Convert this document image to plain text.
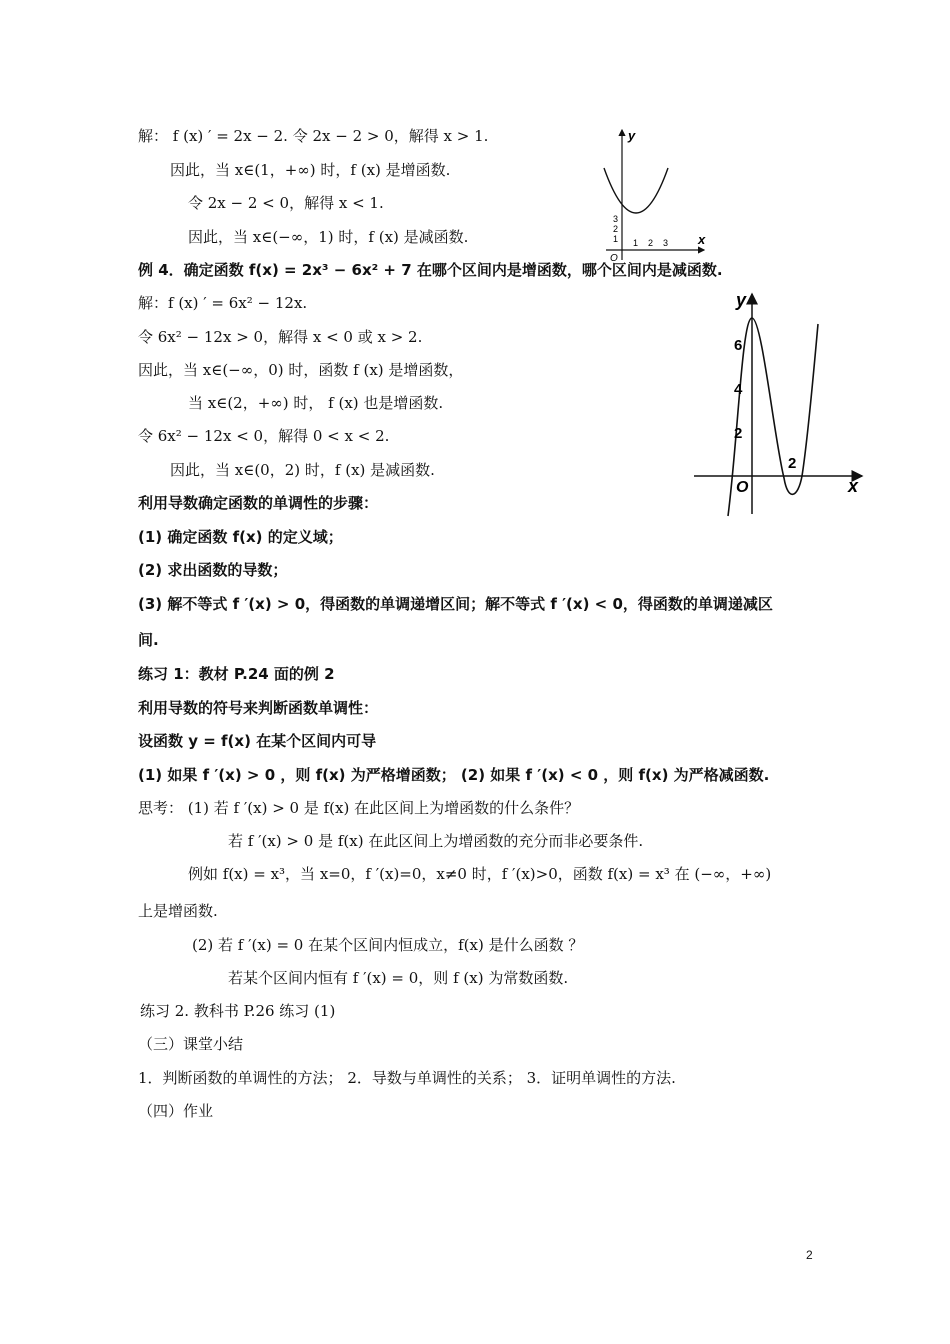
解： f (x) ′ = 2x − 2. 令 2x − 2 > 0，解得 x > 1.
因此，当 x∈(1，+∞) 时，f (x) 是增函数.
令 2x − 2 < 0，解得 x < 1.
因此，当 x∈(−∞，1) 时，f (x) 是减函数.
例 4．确定函数 f(x) = 2x³ − 6x² + 7 在哪个区间内是增函数，哪个区间内是减函数.
解：f (x) ′ = 6x² − 12x.
令 6x² − 12x > 0，解得 x < 0 或 x > 2.
因此，当 x∈(−∞，0) 时，函数 f (x) 是增函数，
当 x∈(2，+∞) 时， f (x) 也是增函数.
令 6x² − 12x < 0，解得 0 < x < 2.
因此，当 x∈(0，2) 时，f (x) 是减函数.
利用导数确定函数的单调性的步骤：
(1) 确定函数 f(x) 的定义域；
(2) 求出函数的导数；
(3) 解不等式 f ′(x) > 0，得函数的单调递增区间；解不等式 f ′(x) < 0，得函数的单调递减区
间.
练习 1：教材 P.24 面的例 2
利用导数的符号来判断函数单调性：
设函数 y = f(x) 在某个区间内可导
(1) 如果 f ′(x) > 0 ，则 f(x) 为严格增函数； (2) 如果 f ′(x) < 0 ，则 f(x) 为严格减函数.
思考： (1) 若 f ′(x) > 0 是 f(x) 在此区间上为增函数的什么条件？
若 f ′(x) > 0 是 f(x) 在此区间上为增函数的充分而非必要条件.
例如 f(x) = x³，当 x=0，f ′(x)=0，x≠0 时，f ′(x)>0，函数 f(x) = x³ 在 (−∞，+∞)
上是增函数.
(2) 若 f ′(x) = 0 在某个区间内恒成立，f(x) 是什么函数 ？
若某个区间内恒有 f ′(x) = 0，则 f (x) 为常数函数.
练习 2. 教科书 P.26 练习 (1)
（三）课堂小结
1．判断函数的单调性的方法； 2．导数与单调性的关系； 3．证明单调性的方法.
（四）作业
y
x
O
1 2 3
1
2
3
y
x
O
2
4
6
2
2
